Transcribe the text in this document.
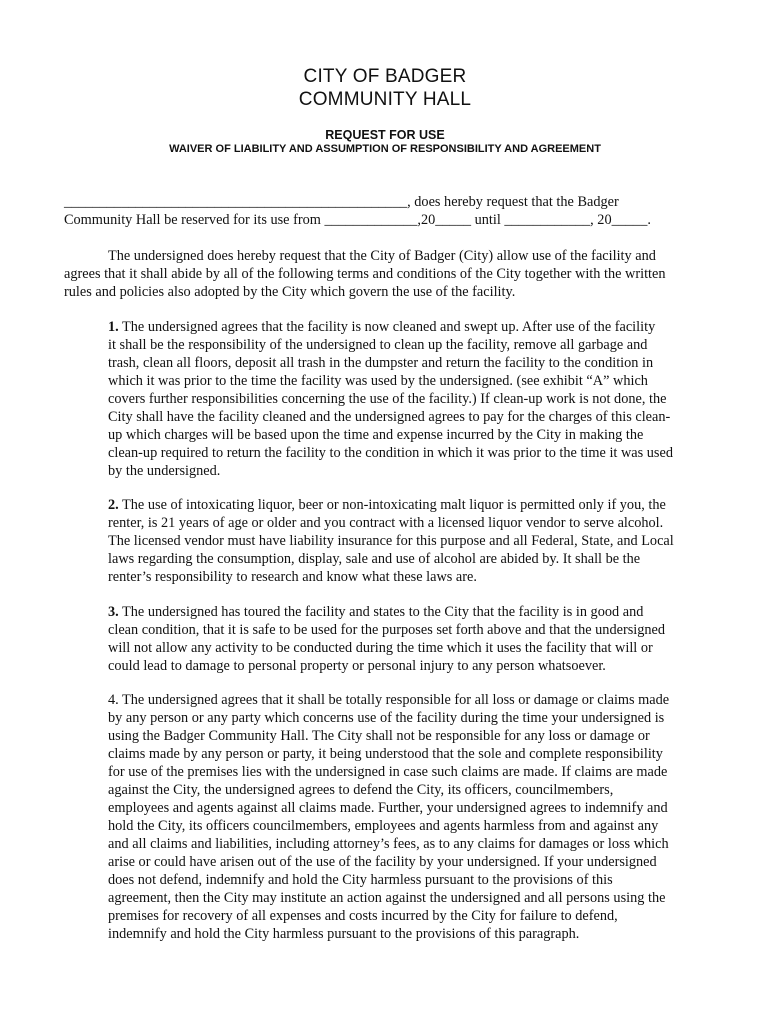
CITY OF BADGER
COMMUNITY HALL
REQUEST FOR USE
WAIVER OF LIABILITY AND ASSUMPTION OF RESPONSIBILITY AND AGREEMENT
________________________________________________, does hereby request that the Badger
Community Hall be reserved for its use from _____________,20_____ until ____________, 20_____.
The undersigned does hereby request that the City of Badger (City) allow use of the facility and
agrees that it shall abide by all of the following terms and conditions of the City together with the written
rules and policies also adopted by the City which govern the use of the facility.
1. The undersigned agrees that the facility is now cleaned and swept up. After use of the facility
it shall be the responsibility of the undersigned to clean up the facility, remove all garbage and
trash, clean all floors, deposit all trash in the dumpster and return the facility to the condition in
which it was prior to the time the facility was used by the undersigned. (see exhibit “A” which
covers further responsibilities concerning the use of the facility.) If clean-up work is not done, the
City shall have the facility cleaned and the undersigned agrees to pay for the charges of this clean-
up which charges will be based upon the time and expense incurred by the City in making the
clean-up required to return the facility to the condition in which it was prior to the time it was used
by the undersigned.
2. The use of intoxicating liquor, beer or non-intoxicating malt liquor is permitted only if you, the
renter, is 21 years of age or older and you contract with a licensed liquor vendor to serve alcohol.
The licensed vendor must have liability insurance for this purpose and all Federal, State, and Local
laws regarding the consumption, display, sale and use of alcohol are abided by. It shall be the
renter’s responsibility to research and know what these laws are.
3. The undersigned has toured the facility and states to the City that the facility is in good and
clean condition, that it is safe to be used for the purposes set forth above and that the undersigned
will not allow any activity to be conducted during the time which it uses the facility that will or
could lead to damage to personal property or personal injury to any person whatsoever.
4. The undersigned agrees that it shall be totally responsible for all loss or damage or claims made
by any person or any party which concerns use of the facility during the time your undersigned is
using the Badger Community Hall. The City shall not be responsible for any loss or damage or
claims made by any person or party, it being understood that the sole and complete responsibility
for use of the premises lies with the undersigned in case such claims are made. If claims are made
against the City, the undersigned agrees to defend the City, its officers, councilmembers,
employees and agents against all claims made. Further, your undersigned agrees to indemnify and
hold the City, its officers councilmembers, employees and agents harmless from and against any
and all claims and liabilities, including attorney’s fees, as to any claims for damages or loss which
arise or could have arisen out of the use of the facility by your undersigned. If your undersigned
does not defend, indemnify and hold the City harmless pursuant to the provisions of this
agreement, then the City may institute an action against the undersigned and all persons using the
premises for recovery of all expenses and costs incurred by the City for failure to defend,
indemnify and hold the City harmless pursuant to the provisions of this paragraph.
